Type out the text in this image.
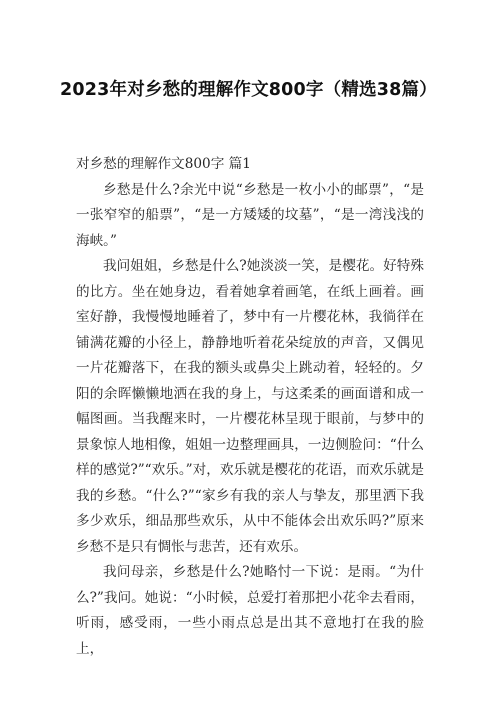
2023年对乡愁的理解作文800字（精选38篇）

对乡愁的理解作文800字 篇1

乡愁是什么?余光中说“乡愁是一枚小小的邮票”，“是一张窄窄的船票”，“是一方矮矮的坟墓”，“是一湾浅浅的海峡。”

我问姐姐，乡愁是什么?她淡淡一笑，是樱花。好特殊的比方。坐在她身边，看着她拿着画笔，在纸上画着。画室好静，我慢慢地睡着了，梦中有一片樱花林，我徜徉在铺满花瓣的小径上，静静地听着花朵绽放的声音，又偶见一片花瓣落下，在我的额头或鼻尖上跳动着，轻轻的。夕阳的余晖懒懒地洒在我的身上，与这柔柔的画面谱和成一幅图画。当我醒来时，一片樱花林呈现于眼前，与梦中的景象惊人地相像，姐姐一边整理画具，一边侧脸问：“什么样的感觉?”“欢乐。”对，欢乐就是樱花的花语，而欢乐就是我的乡愁。“什么?”“家乡有我的亲人与挚友，那里洒下我多少欢乐，细品那些欢乐，从中不能体会出欢乐吗?”原来乡愁不是只有惆怅与悲苦，还有欢乐。

我问母亲，乡愁是什么?她略忖一下说：是雨。“为什么?”我问。她说：“小时候，总爱打着那把小花伞去看雨，听雨，感受雨，一些小雨点总是出其不意地打在我的脸上，
